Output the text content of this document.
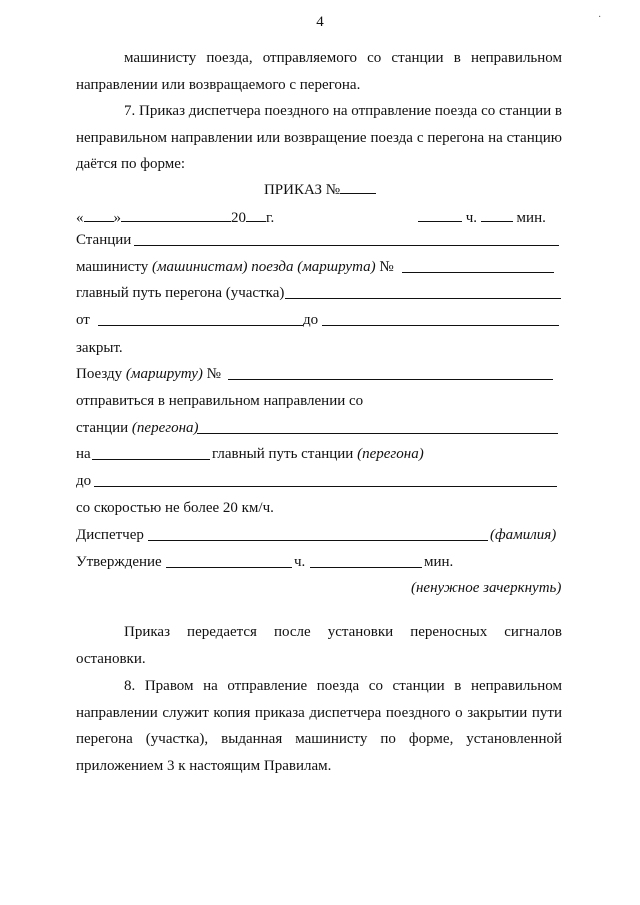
4	·
машинисту поезда, отправляемого со станции в неправильном направлении или возвращаемого с перегона.
7. Приказ диспетчера поездного на отправление поезда со станции в неправильном направлении или возвращение поезда с перегона на станцию даётся по форме:
ПРИКАЗ №
« »	20 г.	ч.	мин.
Станции
машинисту (машинистам) поезда (маршрута) №
главный путь перегона (участка)
от	до
закрыт.
Поезду (маршруту) №
отправиться в неправильном направлении со
станции (перегона)
на	главный путь станции (перегона)
до
со скоростью не более 20 км/ч.
Диспетчер	(фамилия)
Утверждение	ч.	мин.
(ненужное зачеркнуть)
Приказ передается после установки переносных сигналов остановки.
8. Правом на отправление поезда со станции в неправильном направлении служит копия приказа диспетчера поездного о закрытии пути перегона (участка), выданная машинисту по форме, установленной приложением 3 к настоящим Правилам.
